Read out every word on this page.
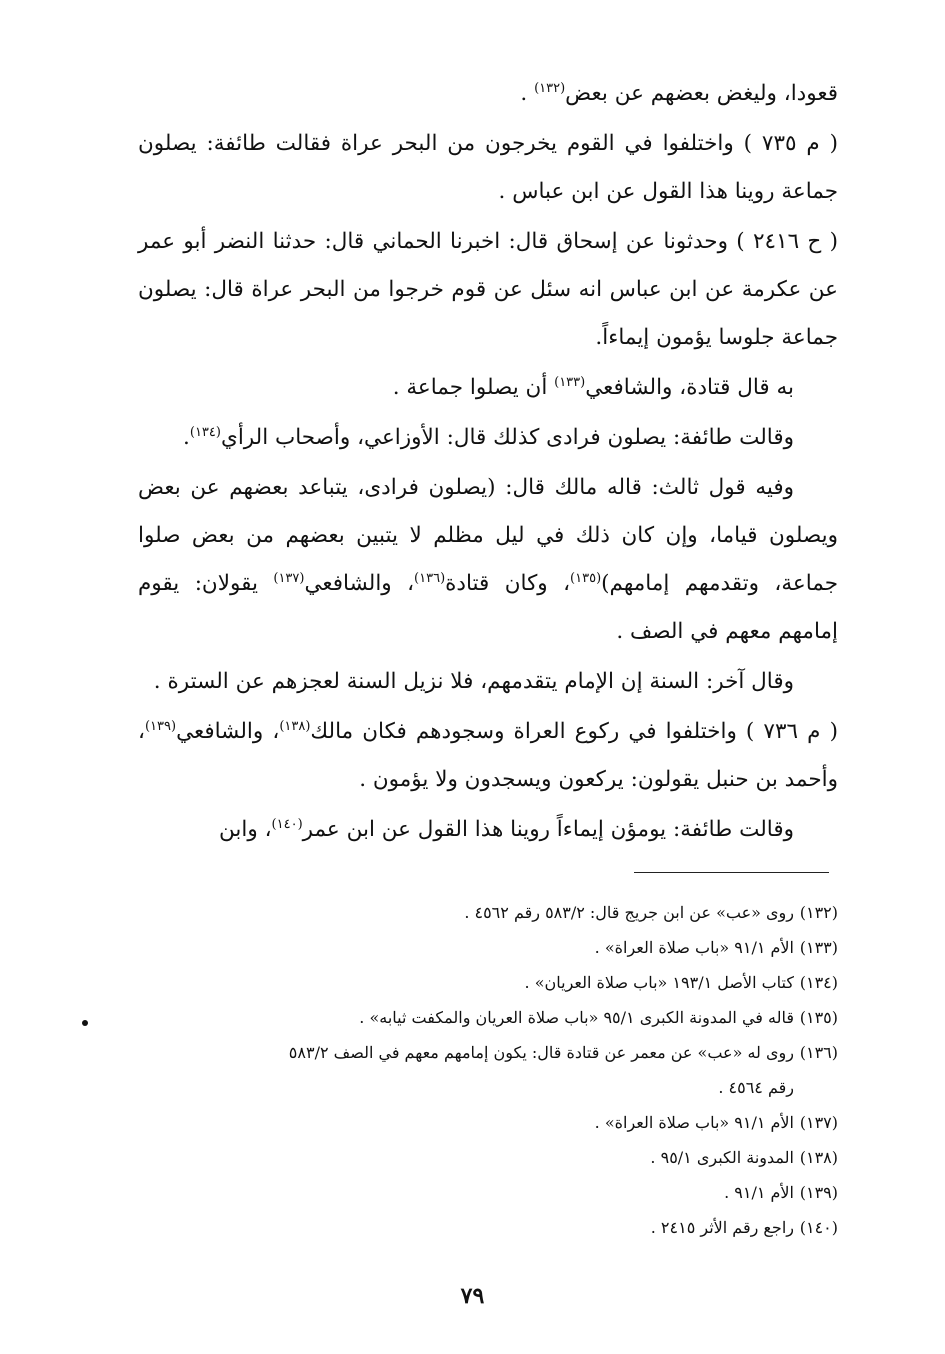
قعودا، وليغض بعضهم عن بعض$^{(١٣٢)}$ .
( م ٧٣٥ ) واختلفوا في القوم يخرجون من البحر عراة فقالت طائفة: يصلون جماعة روينا هذا القول عن ابن عباس .
( ح ٢٤١٦ ) وحدثونا عن إسحاق قال: اخبرنا الحماني قال: حدثنا النضر أبو عمر عن عكرمة عن ابن عباس انه سئل عن قوم خرجوا من البحر عراة قال: يصلون جماعة جلوسا يؤمون إيماءاً.
به قال قتادة، والشافعي$^{(١٣٣)}$ أن يصلوا جماعة .
وقالت طائفة: يصلون فرادى كذلك قال: الأوزاعي، وأصحاب الرأي$^{(١٣٤)}$.
وفيه قول ثالث: قاله مالك قال: (يصلون فرادى، يتباعد بعضهم عن بعض ويصلون قياما، وإن كان ذلك في ليل مظلم لا يتبين بعضهم من بعض صلوا جماعة، وتقدمهم إمامهم)$^{(١٣٥)}$، وكان قتادة$^{(١٣٦)}$، والشافعي$^{(١٣٧)}$ يقولان: يقوم إمامهم معهم في الصف .
وقال آخر: السنة إن الإمام يتقدمهم، فلا نزيل السنة لعجزهم عن السترة .
( م ٧٣٦ ) واختلفوا في ركوع العراة وسجودهم فكان مالك$^{(١٣٨)}$، والشافعي$^{(١٣٩)}$، وأحمد بن حنبل يقولون: يركعون ويسجدون ولا يؤمون .
وقالت طائفة: يومؤن إيماءاً روينا هذا القول عن ابن عمر$^{(١٤٠)}$، وابن
(١٣٢)
روى «عب» عن ابن جريج قال: ٥٨٣/٢ رقم ٤٥٦٢ .
(١٣٣)
الأم ٩١/١ «باب صلاة العراة» .
(١٣٤)
كتاب الأصل ١٩٣/١ «باب صلاة العريان» .
(١٣٥)
قاله في المدونة الكبرى ٩٥/١ «باب صلاة العريان والمكفت ثيابه» .
(١٣٦)
روى له «عب» عن معمر عن قتادة قال: يكون إمامهم معهم في الصف ٥٨٣/٢
رقم ٤٥٦٤ .
(١٣٧)
الأم ٩١/١ «باب صلاة العراة» .
(١٣٨)
المدونة الكبرى ٩٥/١ .
(١٣٩)
الأم ٩١/١ .
(١٤٠)
راجع رقم الأثر ٢٤١٥ .
٧٩
